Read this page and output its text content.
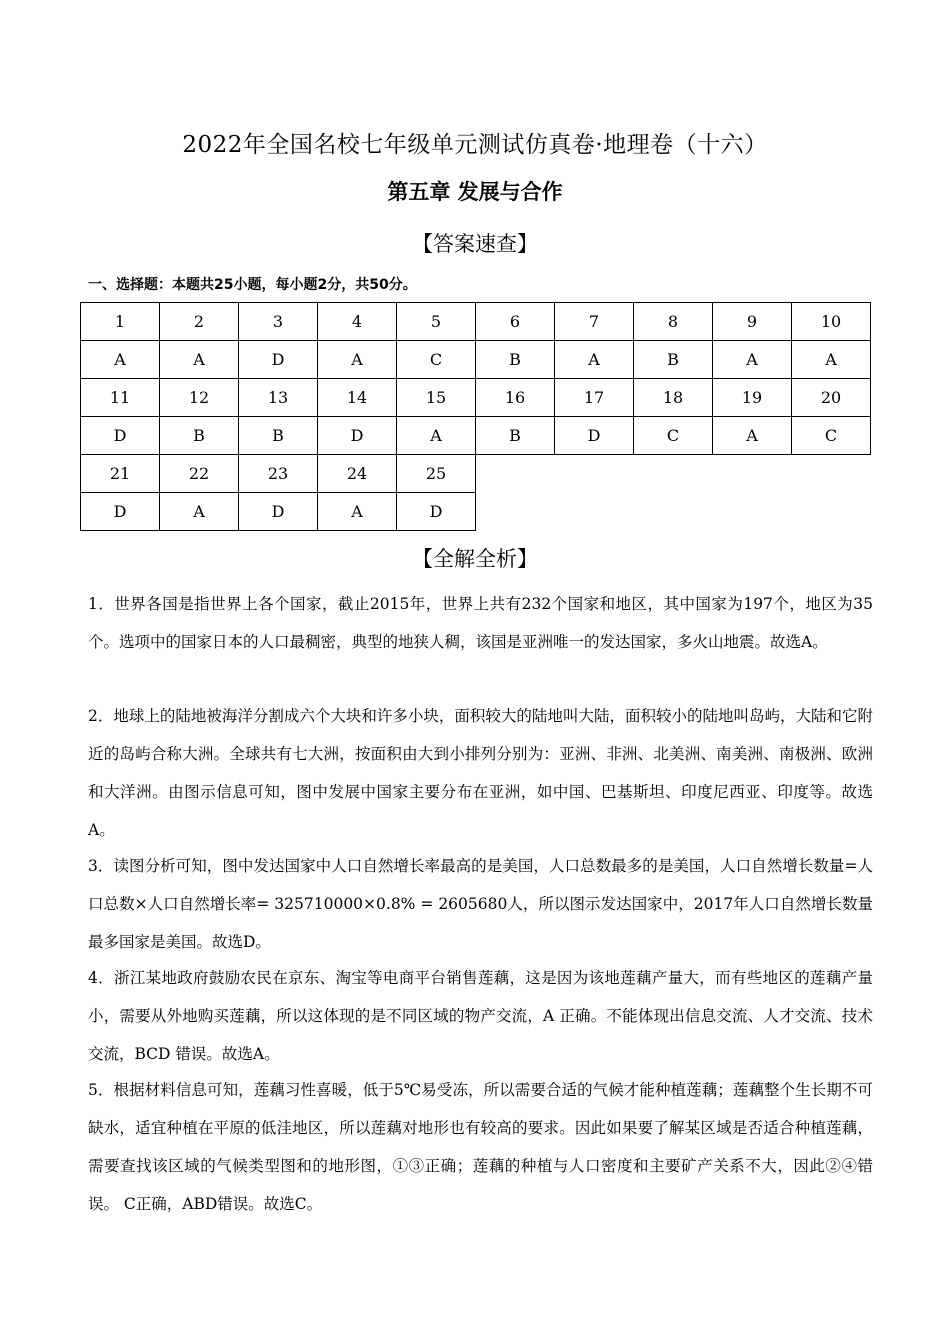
2022年全国名校七年级单元测试仿真卷·地理卷（十六）
第五章 发展与合作
【答案速查】
一、选择题：本题共25小题，每小题2分，共50分。
1	2	3	4	5	6	7	8	9	10
A	A	D	A	C	B	A	B	A	A
11	12	13	14	15	16	17	18	19	20
D	B	B	D	A	B	D	C	A	C
21	22	23	24	25					
D	A	D	A	D					
【全解全析】
1．世界各国是指世界上各个国家，截止2015年，世界上共有232个国家和地区，其中国家为197个，地区为35个。选项中的国家日本的人口最稠密，典型的地狭人稠，该国是亚洲唯一的发达国家，多火山地震。故选A。
2．地球上的陆地被海洋分割成六个大块和许多小块，面积较大的陆地叫大陆，面积较小的陆地叫岛屿，大陆和它附近的岛屿合称大洲。全球共有七大洲，按面积由大到小排列分别为：亚洲、非洲、北美洲、南美洲、南极洲、欧洲和大洋洲。由图示信息可知，图中发展中国家主要分布在亚洲，如中国、巴基斯坦、印度尼西亚、印度等。故选A。
3．读图分析可知，图中发达国家中人口自然增长率最高的是美国，人口总数最多的是美国，人口自然增长数量=人口总数×人口自然增长率= 325710000×0.8% = 2605680人，所以图示发达国家中，2017年人口自然增长数量最多国家是美国。故选D。
4．浙江某地政府鼓励农民在京东、淘宝等电商平台销售莲藕，这是因为该地莲藕产量大，而有些地区的莲藕产量小，需要从外地购买莲藕，所以这体现的是不同区域的物产交流，A 正确。不能体现出信息交流、人才交流、技术交流，BCD 错误。故选A。
5．根据材料信息可知，莲藕习性喜暖，低于5℃易受冻，所以需要合适的气候才能种植莲藕；莲藕整个生长期不可缺水，适宜种植在平原的低洼地区，所以莲藕对地形也有较高的要求。因此如果要了解某区域是否适合种植莲藕，需要查找该区域的气候类型图和的地形图，①③正确；莲藕的种植与人口密度和主要矿产关系不大，因此②④错误。 C正确，ABD错误。故选C。
